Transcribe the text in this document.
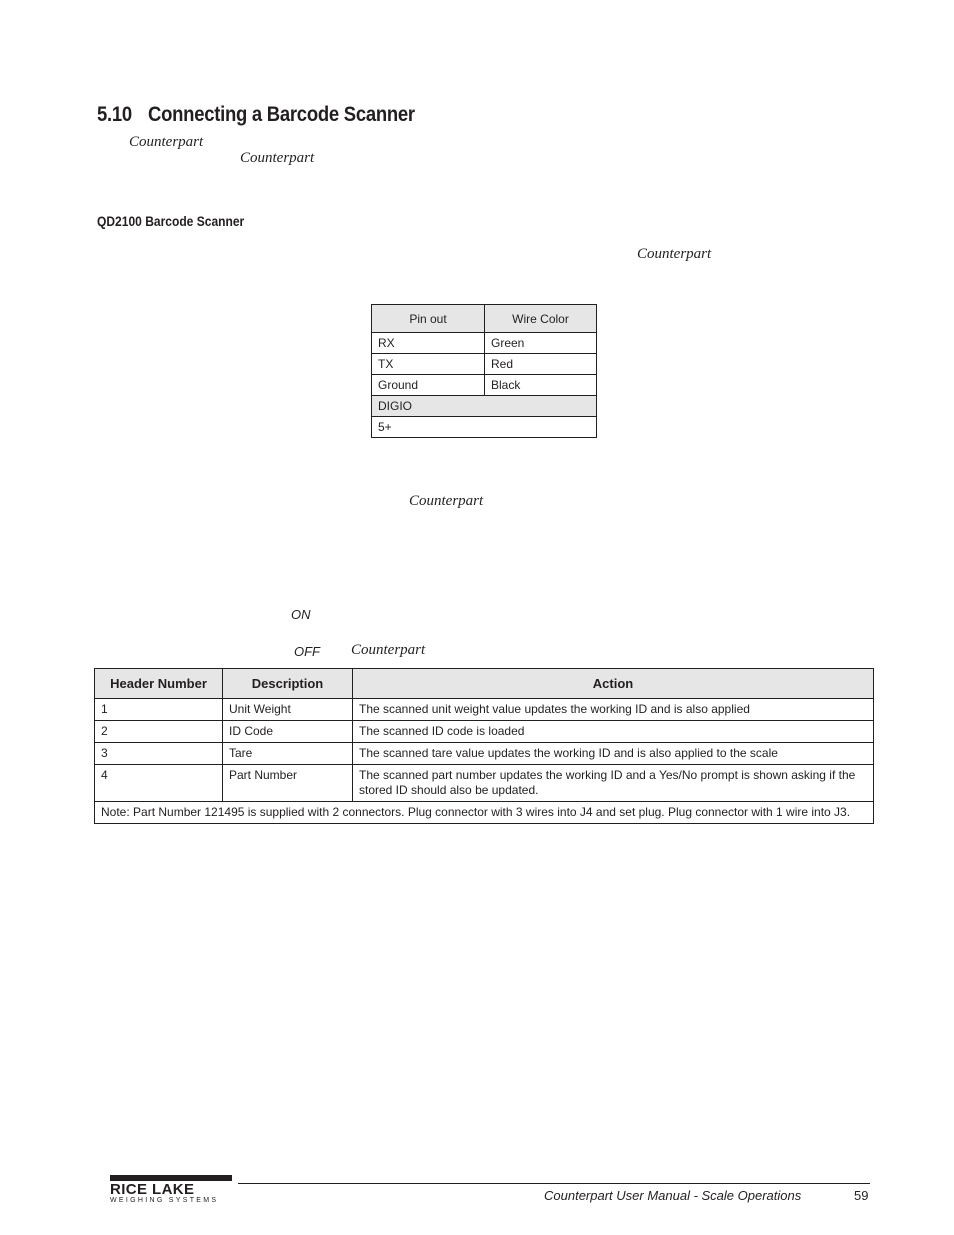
5.10 Connecting a Barcode Scanner
Counterpart
Counterpart
QD2100 Barcode Scanner
Counterpart
Pin out	Wire Color
RX	Green
TX	Red
Ground	Black
DIGIO	
5+	
Counterpart
ON
OFF Counterpart
Header Number	Description	Action
1	Unit Weight	The scanned unit weight value updates the working ID and is also applied
2	ID Code	The scanned ID code is loaded
3	Tare	The scanned tare value updates the working ID and is also applied to the scale
4	Part Number	The scanned part number updates the working ID and a Yes/No prompt is shown asking if the stored ID should also be updated.
Note: Part Number 121495 is supplied with 2 connectors. Plug connector with 3 wires into J4 and set plug. Plug connector with 1 wire into J3.		
RICE LAKE
WEIGHING SYSTEMS	Counterpart User Manual - Scale Operations	59
